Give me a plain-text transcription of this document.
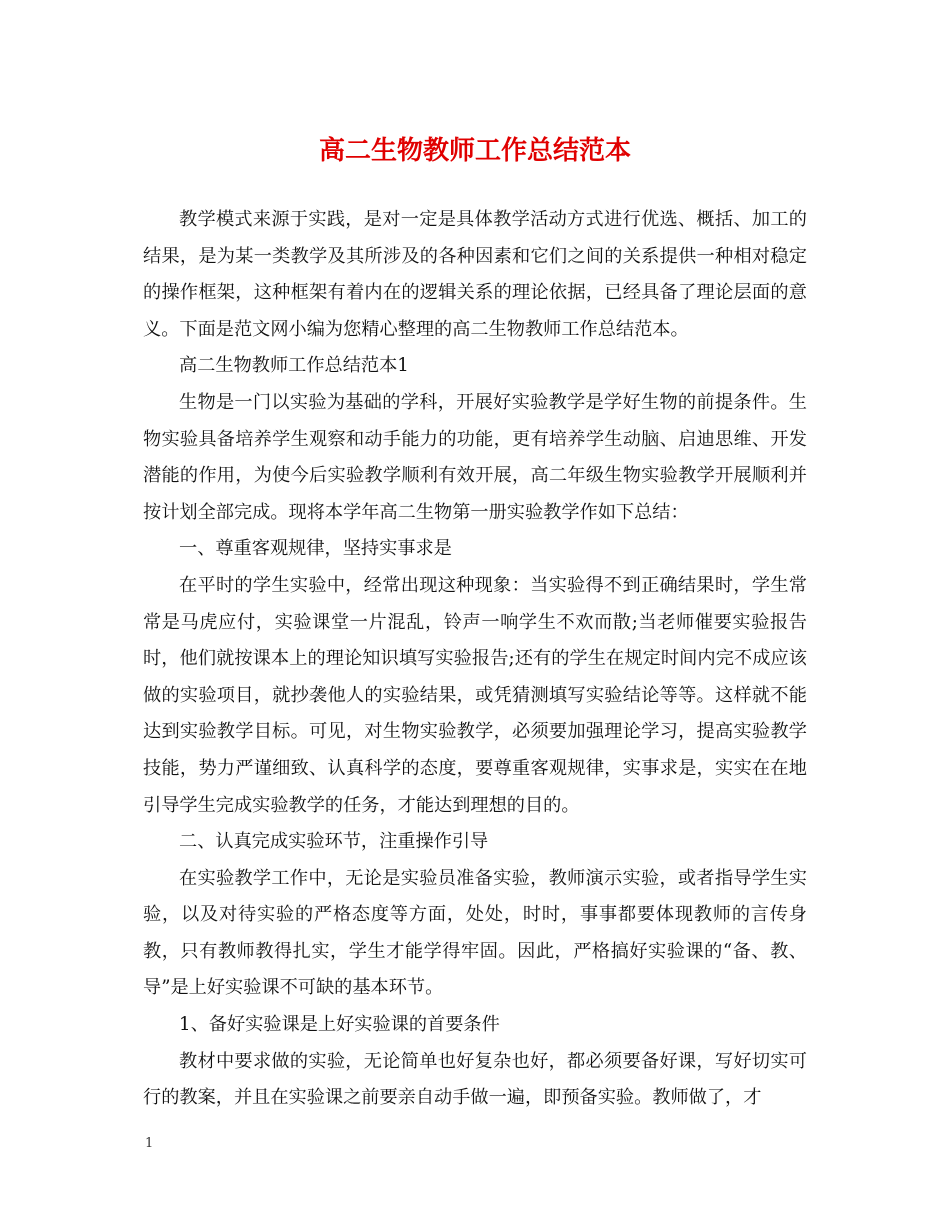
高二生物教师工作总结范本

教学模式来源于实践，是对一定是具体教学活动方式进行优选、概括、加工的结果，是为某一类教学及其所涉及的各种因素和它们之间的关系提供一种相对稳定的操作框架，这种框架有着内在的逻辑关系的理论依据，已经具备了理论层面的意义。下面是范文网小编为您精心整理的高二生物教师工作总结范本。

高二生物教师工作总结范本1

生物是一门以实验为基础的学科，开展好实验教学是学好生物的前提条件。生物实验具备培养学生观察和动手能力的功能，更有培养学生动脑、启迪思维、开发潜能的作用，为使今后实验教学顺利有效开展，高二年级生物实验教学开展顺利并按计划全部完成。现将本学年高二生物第一册实验教学作如下总结：

一、尊重客观规律，坚持实事求是

在平时的学生实验中，经常出现这种现象：当实验得不到正确结果时，学生常常是马虎应付，实验课堂一片混乱，铃声一响学生不欢而散;当老师催要实验报告时，他们就按课本上的理论知识填写实验报告;还有的学生在规定时间内完不成应该做的实验项目，就抄袭他人的实验结果，或凭猜测填写实验结论等等。这样就不能达到实验教学目标。可见，对生物实验教学，必须要加强理论学习，提高实验教学技能，势力严谨细致、认真科学的态度，要尊重客观规律，实事求是，实实在在地引导学生完成实验教学的任务，才能达到理想的目的。

二、认真完成实验环节，注重操作引导

在实验教学工作中，无论是实验员准备实验，教师演示实验，或者指导学生实验，以及对待实验的严格态度等方面，处处，时时，事事都要体现教师的言传身教，只有教师教得扎实，学生才能学得牢固。因此，严格搞好实验课的“备、教、导”是上好实验课不可缺的基本环节。

1、备好实验课是上好实验课的首要条件

教材中要求做的实验，无论简单也好复杂也好，都必须要备好课，写好切实可行的教案，并且在实验课之前要亲自动手做一遍，即预备实验。教师做了，才

1
